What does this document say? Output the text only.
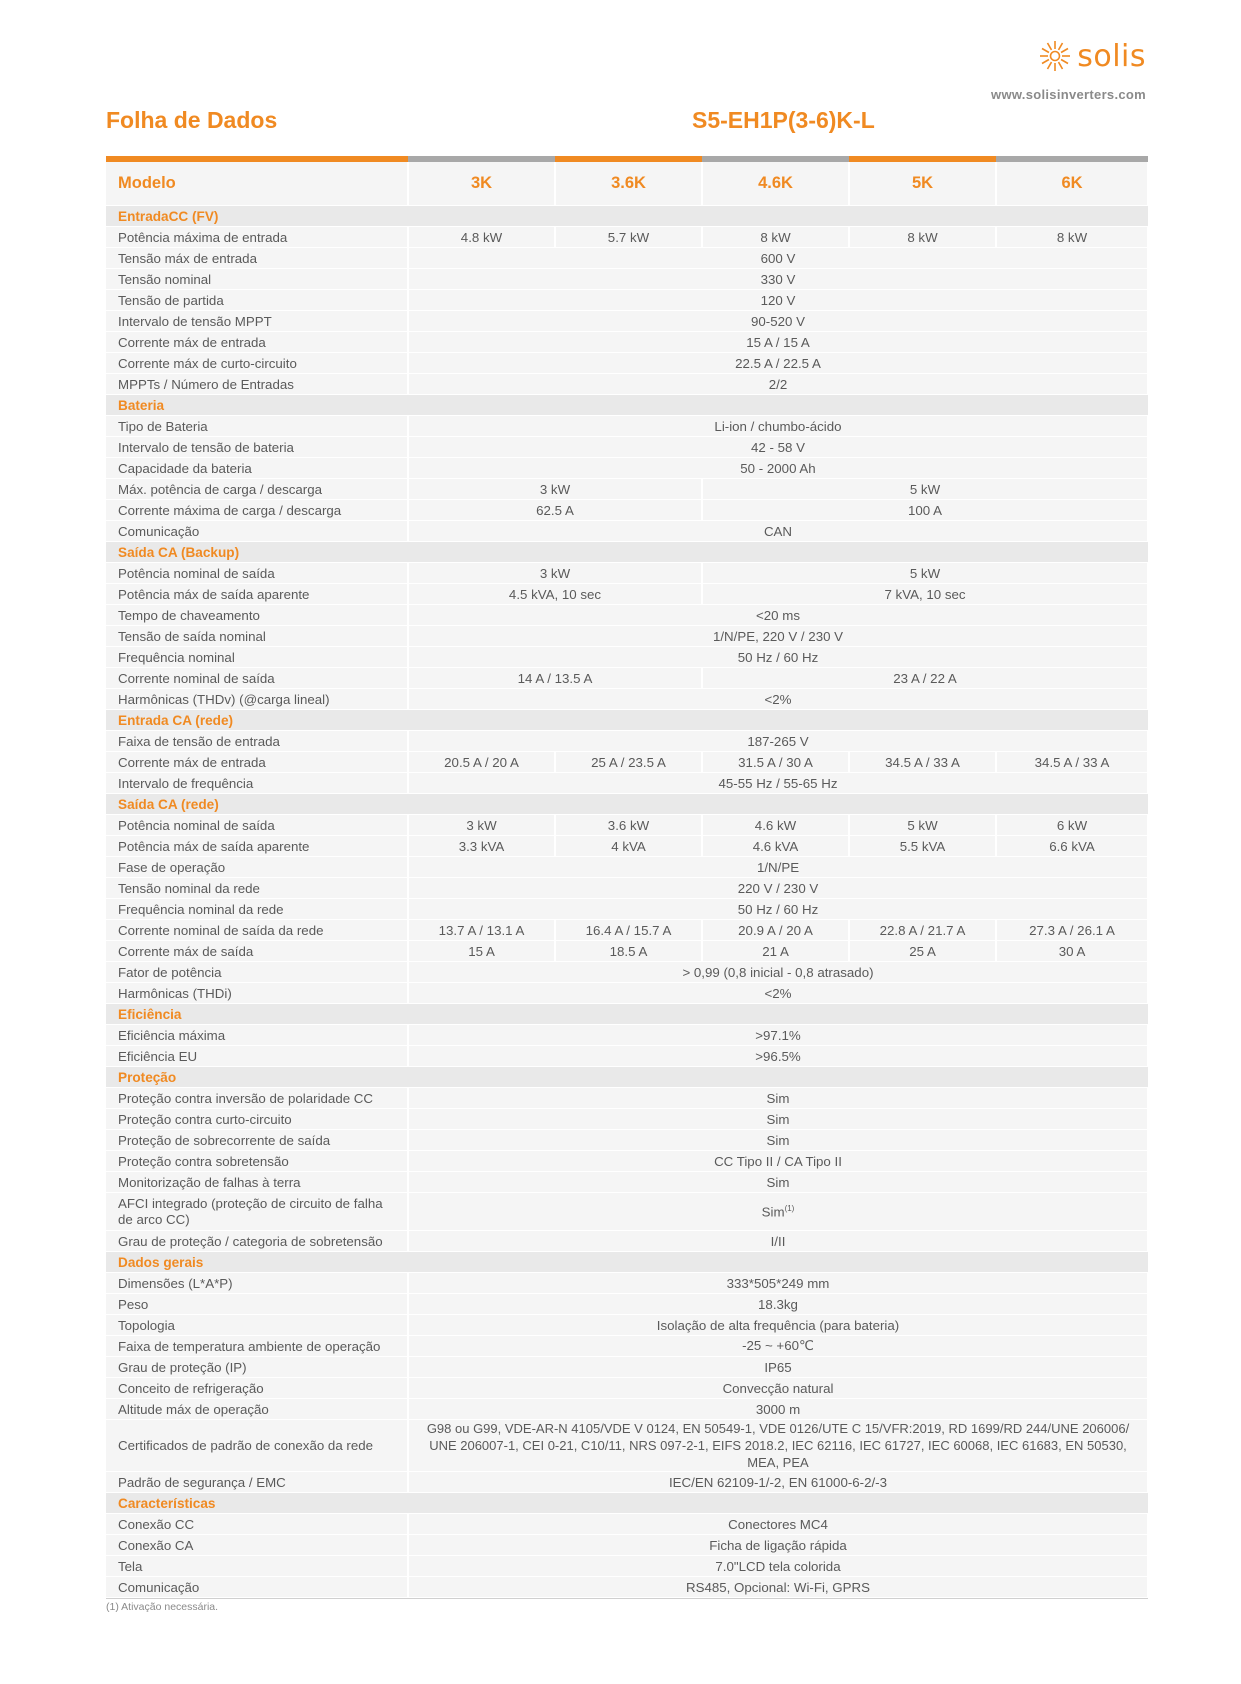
solis
www.solisinverters.com
Folha de Dados	S5-EH1P(3-6)K-L
Modelo	3K	3.6K	4.6K	5K	6K
EntradaCC (FV)					
Potência máxima de entrada	4.8 kW	5.7 kW	8 kW	8 kW	8 kW
Tensão máx de entrada	600 V				
Tensão nominal	330 V				
Tensão de partida	120 V				
Intervalo de tensão MPPT	90-520 V				
Corrente máx de entrada	15 A / 15 A				
Corrente máx de curto-circuito	22.5 A / 22.5 A				
MPPTs / Número de Entradas	2/2				
Bateria					
Tipo de Bateria	Li-ion / chumbo-ácido				
Intervalo de tensão de bateria	42 - 58 V				
Capacidade da bateria	50 - 2000 Ah				
Máx. potência de carga / descarga	3 kW		5 kW		
Corrente máxima de carga / descarga	62.5 A		100 A		
Comunicação	CAN				
Saída CA (Backup)					
Potência nominal de saída	3 kW		5 kW		
Potência máx de saída aparente	4.5 kVA, 10 sec		7 kVA, 10 sec		
Tempo de chaveamento	<20 ms				
Tensão de saída nominal	1/N/PE, 220 V / 230 V				
Frequência nominal	50 Hz / 60 Hz				
Corrente nominal de saída	14 A / 13.5 A		23 A / 22 A		
Harmônicas (THDv) (@carga lineal)	<2%				
Entrada CA (rede)					
Faixa de tensão de entrada	187-265 V				
Corrente máx de entrada	20.5 A / 20 A	25 A / 23.5 A	31.5 A / 30 A	34.5 A / 33 A	34.5 A / 33 A
Intervalo de frequência	45-55 Hz / 55-65 Hz				
Saída CA (rede)					
Potência nominal de saída	3 kW	3.6 kW	4.6 kW	5 kW	6 kW
Potência máx de saída aparente	3.3 kVA	4 kVA	4.6 kVA	5.5 kVA	6.6 kVA
Fase de operação	1/N/PE				
Tensão nominal da rede	220 V / 230 V				
Frequência nominal da rede	50 Hz / 60 Hz				
Corrente nominal de saída da rede	13.7 A / 13.1 A	16.4 A / 15.7 A	20.9 A / 20 A	22.8 A / 21.7 A	27.3 A / 26.1 A
Corrente máx de saída	15 A	18.5 A	21 A	25 A	30 A
Fator de potência	> 0,99 (0,8 inicial - 0,8 atrasado)				
Harmônicas (THDi)	<2%				
Eficiência					
Eficiência máxima	>97.1%				
Eficiência EU	>96.5%				
Proteção					
Proteção contra inversão de polaridade CC	Sim				
Proteção contra curto-circuito	Sim				
Proteção de sobrecorrente de saída	Sim				
Proteção contra sobretensão	CC Tipo II / CA Tipo II				
Monitorização de falhas à terra	Sim				
AFCI integrado (proteção de circuito de falha de arco CC)	Sim$^{(1)}$
Grau de proteção / categoria de sobretensão	I/II				
Dados gerais					
Dimensões (L*A*P)	333*505*249 mm				
Peso	18.3kg				
Topologia	Isolação de alta frequência (para bateria)				
Faixa de temperatura ambiente de operação	-25 ~ +60℃				
Grau de proteção (IP)	IP65				
Conceito de refrigeração	Convecção natural				
Altitude máx de operação	3000 m				
Certificados de padrão de conexão da rede	G98 ou G99, VDE-AR-N 4105/VDE V 0124, EN 50549-1, VDE 0126/UTE C 15/VFR:2019, RD 1699/RD 244/UNE 206006/ UNE 206007-1, CEI 0-21, C10/11, NRS 097-2-1, EIFS 2018.2, IEC 62116, IEC 61727, IEC 60068, IEC 61683, EN 50530, MEA, PEA				
Padrão de segurança / EMC	IEC/EN 62109-1/-2, EN 61000-6-2/-3				
Características					
Conexão CC	Conectores MC4				
Conexão CA	Ficha de ligação rápida				
Tela	7.0"LCD tela colorida				
Comunicação	RS485, Opcional: Wi-Fi, GPRS				
(1) Ativação necessária.
